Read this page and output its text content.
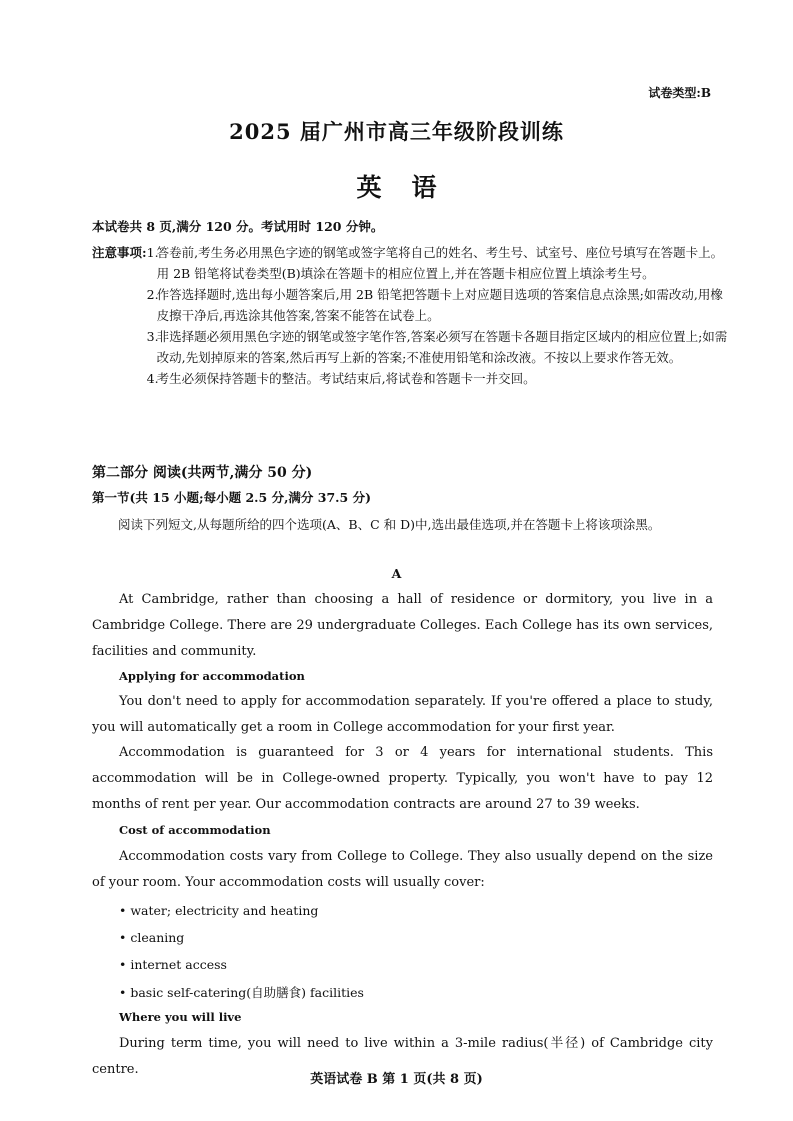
试卷类型:B
2025 届广州市高三年级阶段训练
英语
本试卷共 8 页,满分 120 分。考试用时 120 分钟。
注意事项: 1.
答卷前,考生务必用黑色字迹的钢笔或签字笔将自己的姓名、考生号、试室号、座位号填写在答题卡上。用 2B 铅笔将试卷类型(B)填涂在答题卡的相应位置上,并在答题卡相应位置上填涂考生号。
2.
作答选择题时,选出每小题答案后,用 2B 铅笔把答题卡上对应题目选项的答案信息点涂黑;如需改动,用橡皮擦干净后,再选涂其他答案,答案不能答在试卷上。
3.
非选择题必须用黑色字迹的钢笔或签字笔作答,答案必须写在答题卡各题目指定区域内的相应位置上;如需改动,先划掉原来的答案,然后再写上新的答案;不准使用铅笔和涂改液。不按以上要求作答无效。
4.
考生必须保持答题卡的整洁。考试结束后,将试卷和答题卡一并交回。
第二部分 阅读(共两节,满分 50 分)
第一节(共 15 小题;每小题 2.5 分,满分 37.5 分)
阅读下列短文,从每题所给的四个选项(A、B、C 和 D)中,选出最佳选项,并在答题卡上将该项涂黑。
A
At Cambridge, rather than choosing a hall of residence or dormitory, you live in a Cambridge College. There are 29 undergraduate Colleges. Each College has its own services, facilities and community.
Applying for accommodation
You don't need to apply for accommodation separately. If you're offered a place to study, you will automatically get a room in College accommodation for your first year.
Accommodation is guaranteed for 3 or 4 years for international students. This accommodation will be in College-owned property. Typically, you won't have to pay 12 months of rent per year. Our accommodation contracts are around 27 to 39 weeks.
Cost of accommodation
Accommodation costs vary from College to College. They also usually depend on the size of your room. Your accommodation costs will usually cover:
• water; electricity and heating
• cleaning
• internet access
• basic self-catering(自助膳食) facilities
Where you will live
During term time, you will need to live within a 3-mile radius(半径) of Cambridge city centre.
英语试卷 B 第 1 页(共 8 页)
